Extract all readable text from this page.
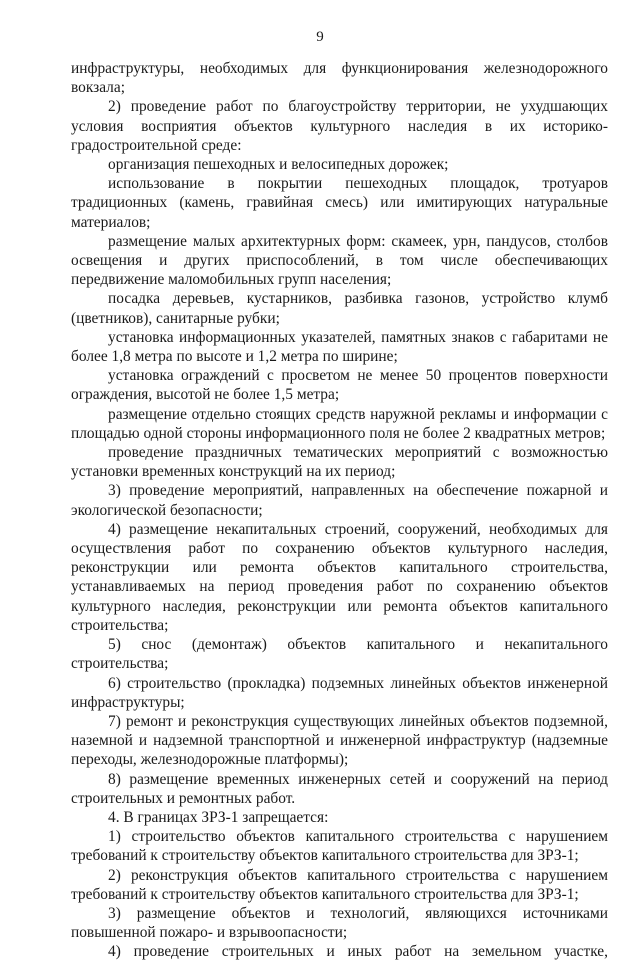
9

инфраструктуры, необходимых для функционирования железнодорожного вокзала;

2) проведение работ по благоустройству территории, не ухудшающих условия восприятия объектов культурного наследия в их историко-градостроительной среде:

организация пешеходных и велосипедных дорожек;

использование в покрытии пешеходных площадок, тротуаров традиционных (камень, гравийная смесь) или имитирующих натуральные материалов;

размещение малых архитектурных форм: скамеек, урн, пандусов, столбов освещения и других приспособлений, в том числе обеспечивающих передвижение маломобильных групп населения;

посадка деревьев, кустарников, разбивка газонов, устройство клумб (цветников), санитарные рубки;

установка информационных указателей, памятных знаков с габаритами не более 1,8 метра по высоте и 1,2 метра по ширине;

установка ограждений с просветом не менее 50 процентов поверхности ограждения, высотой не более 1,5 метра;

размещение отдельно стоящих средств наружной рекламы и информации с площадью одной стороны информационного поля не более 2 квадратных метров;

проведение праздничных тематических мероприятий с возможностью установки временных конструкций на их период;

3) проведение мероприятий, направленных на обеспечение пожарной и экологической безопасности;

4) размещение некапитальных строений, сооружений, необходимых для осуществления работ по сохранению объектов культурного наследия, реконструкции или ремонта объектов капитального строительства, устанавливаемых на период проведения работ по сохранению объектов культурного наследия, реконструкции или ремонта объектов капитального строительства;

5) снос (демонтаж) объектов капитального и некапитального строительства;

6) строительство (прокладка) подземных линейных объектов инженерной инфраструктуры;

7) ремонт и реконструкция существующих линейных объектов подземной, наземной и надземной транспортной и инженерной инфраструктур (надземные переходы, железнодорожные платформы);

8) размещение временных инженерных сетей и сооружений на период строительных и ремонтных работ.

4. В границах ЗРЗ-1 запрещается:

1) строительство объектов капитального строительства с нарушением требований к строительству объектов капитального строительства для ЗРЗ-1;

2) реконструкция объектов капитального строительства с нарушением требований к строительству объектов капитального строительства для ЗРЗ-1;

3) размещение объектов и технологий, являющихся источниками повышенной пожаро- и взрывоопасности;

4) проведение строительных и иных работ на земельном участке,
